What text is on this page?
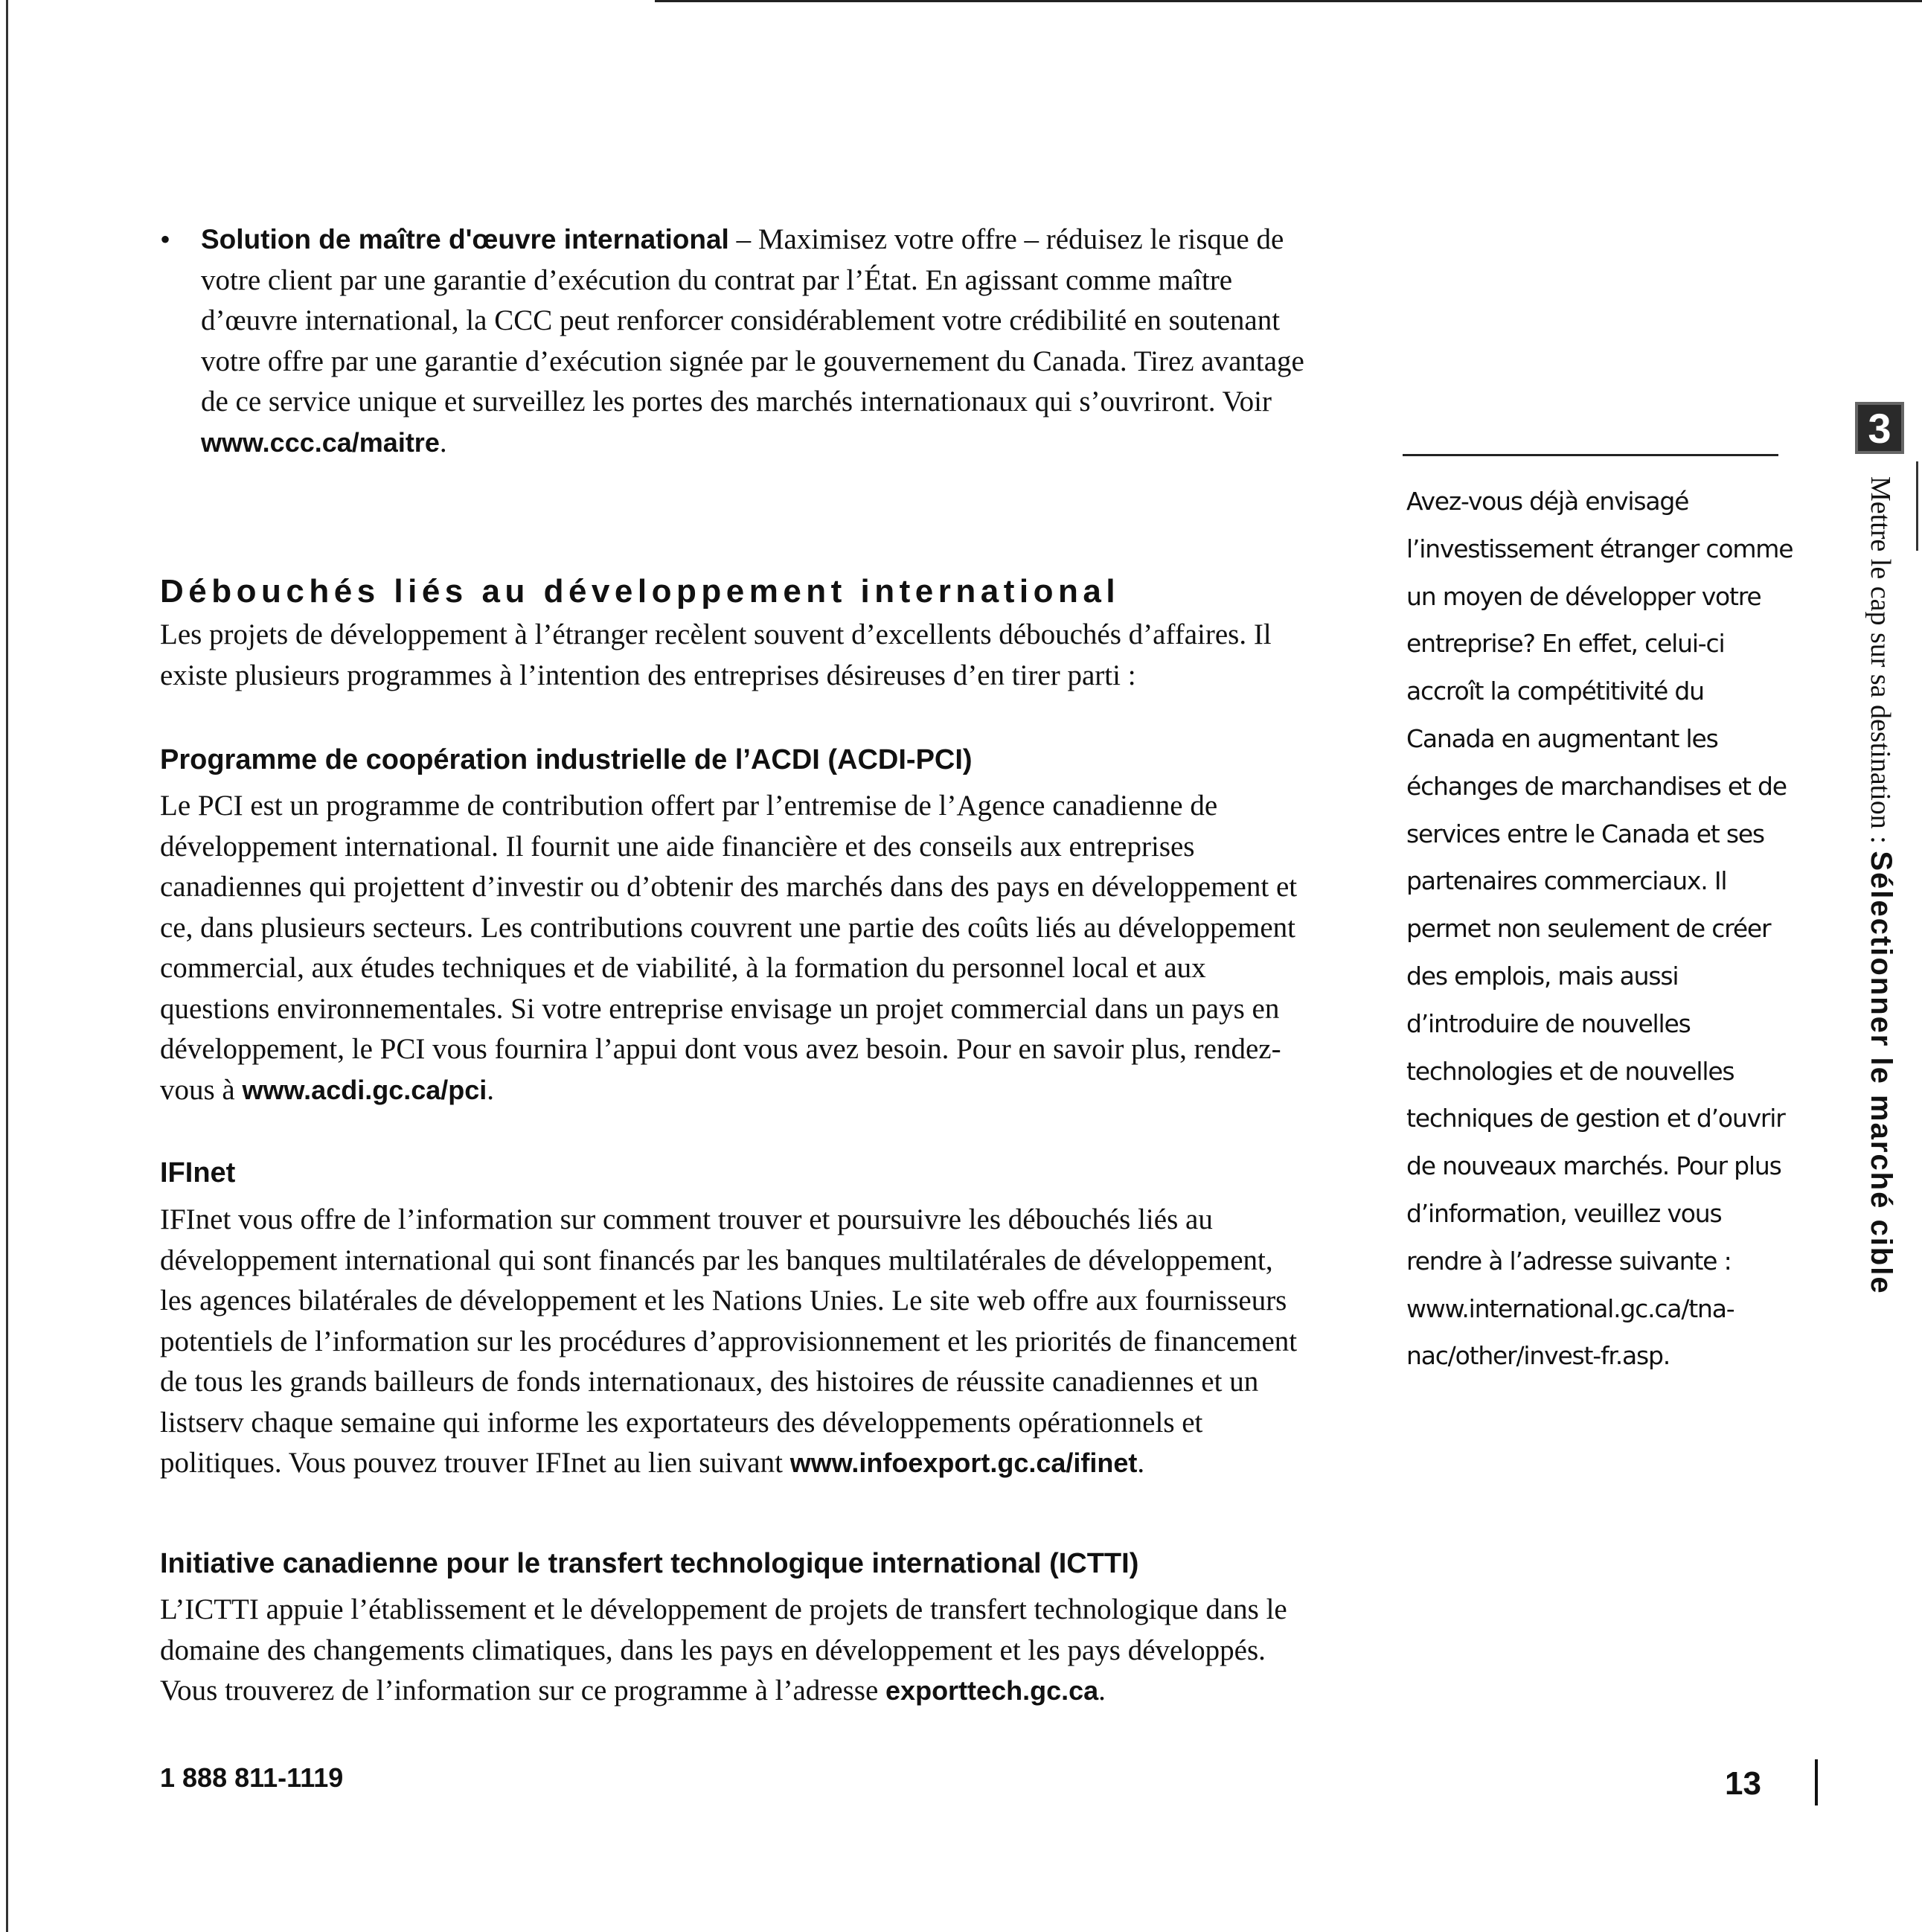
• Solution de maître d'œuvre international – Maximisez votre offre – réduisez le risque de votre client par une garantie d’exécution du contrat par l’État. En agissant comme maître d’œuvre international, la CCC peut renforcer considérablement votre crédibilité en soutenant votre offre par une garantie d’exécution signée par le gouvernement du Canada. Tirez avantage de ce service unique et surveillez les portes des marchés internationaux qui s’ouvriront. Voir www.ccc.ca/maitre.
Débouchés liés au développement international
Les projets de développement à l’étranger recèlent souvent d’excellents débouchés d’affaires. Il existe plusieurs programmes à l’intention des entreprises désireuses d’en tirer parti :
Programme de coopération industrielle de l’ACDI (ACDI-PCI)
Le PCI est un programme de contribution offert par l’entremise de l’Agence canadienne de développement international. Il fournit une aide financière et des conseils aux entreprises canadiennes qui projettent d’investir ou d’obtenir des marchés dans des pays en développement et ce, dans plusieurs secteurs. Les contributions couvrent une partie des coûts liés au développement commercial, aux études techniques et de viabilité, à la formation du personnel local et aux questions environnementales. Si votre entreprise envisage un projet commercial dans un pays en développement, le PCI vous fournira l’appui dont vous avez besoin. Pour en savoir plus, rendez-vous à www.acdi.gc.ca/pci.
IFInet
IFInet vous offre de l’information sur comment trouver et poursuivre les débouchés liés au développement international qui sont financés par les banques multilatérales de développement, les agences bilatérales de développement et les Nations Unies. Le site web offre aux fournisseurs potentiels de l’information sur les procédures d’approvisionnement et les priorités de financement de tous les grands bailleurs de fonds internationaux, des histoires de réussite canadiennes et un listserv chaque semaine qui informe les exportateurs des développements opérationnels et politiques. Vous pouvez trouver IFInet au lien suivant www.infoexport.gc.ca/ifinet.
Initiative canadienne pour le transfert technologique international (ICTTI)
L’ICTTI appuie l’établissement et le développement de projets de transfert technologique dans le domaine des changements climatiques, dans les pays en développement et les pays développés. Vous trouverez de l’information sur ce programme à l’adresse exporttech.gc.ca.
Avez-vous déjà envisagé l’investissement étranger comme un moyen de développer votre entreprise? En effet, celui-ci accroît la compétitivité du Canada en augmentant les échanges de marchandises et de services entre le Canada et ses partenaires commerciaux. Il permet non seulement de créer des emplois, mais aussi d’introduire de nouvelles technologies et de nouvelles techniques de gestion et d’ouvrir de nouveaux marchés. Pour plus d’information, veuillez vous rendre à l’adresse suivante : www.international.gc.ca/tna-nac/other/invest-fr.asp.
3
Mettre le cap sur sa destination : Sélectionner le marché cible
1 888 811-1119	13
